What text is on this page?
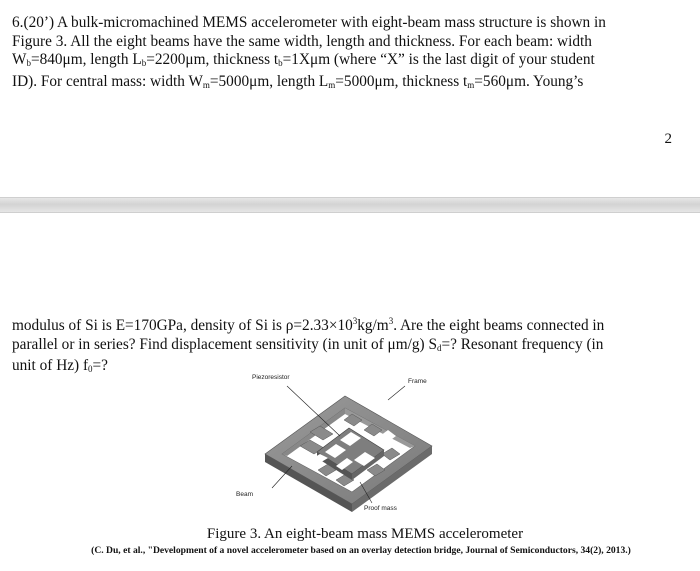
6.(20’) A bulk-micromachined MEMS accelerometer with eight-beam mass structure is shown in
Figure 3. All the eight beams have the same width, length and thickness. For each beam: width
$W_b=840\mu m$, length $L_b=2200\mu m$, thickness $t_b=1X\mu m$ (where “X” is the last digit of your student
ID). For central mass: width $W_m=5000\mu m$, length $L_m=5000\mu m$, thickness $t_m=560\mu m$. Young’s
2
modulus of Si is E=170GPa, density of Si is $\rho=2.33\times 10^3kg/m^3$. Are the eight beams connected in
parallel or in series? Find displacement sensitivity (in unit of μm/g) $S_d=$? Resonant frequency (in
unit of Hz) $f_0=$?
Piezoresistor
Frame
Beam
Proof mass
Figure 3. An eight-beam mass MEMS accelerometer
(C. Du, et al., "Development of a novel accelerometer based on an overlay detection bridge, Journal of Semiconductors, 34(2), 2013.)
